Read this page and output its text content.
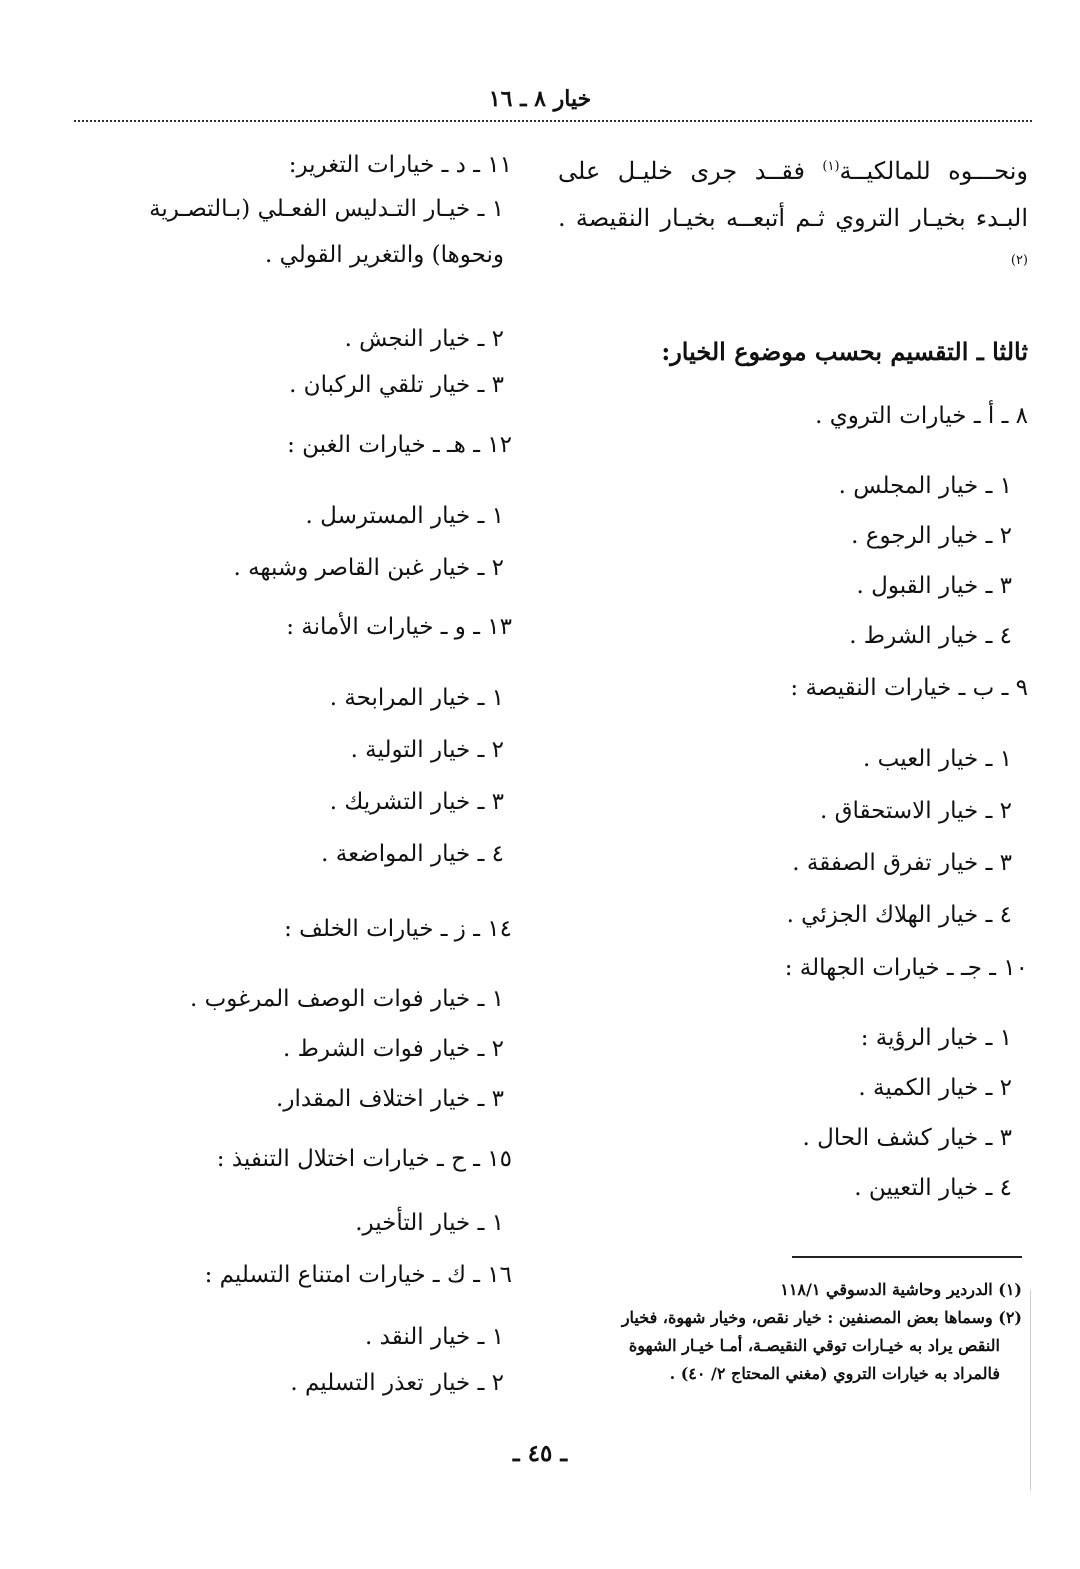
خيار ٨ ـ ١٦
ونحـــوه للمالكيــة$^{(١)}$ فقــد جرى خليـل على البـدء بخيـار التروي ثـم أتبعــه بخيـار النقيصة . $^{(٢)}$
ثالثا ـ التقسيم بحسب موضوع الخيار:
٨ ـ أ ـ خيارات التروي .
١ ـ خيار المجلس .
٢ ـ خيار الرجوع .
٣ ـ خيار القبول .
٤ ـ خيار الشرط .
٩ ـ ب ـ خيارات النقيصة :
١ ـ خيار العيب .
٢ ـ خيار الاستحقاق .
٣ ـ خيار تفرق الصفقة .
٤ ـ خيار الهلاك الجزئي .
١٠ ـ جـ ـ خيارات الجهالة :
١ ـ خيار الرؤية :
٢ ـ خيار الكمية .
٣ ـ خيار كشف الحال .
٤ ـ خيار التعيين .
١١ ـ د ـ خيارات التغرير:
١ ـ خيـار التـدليس الفعـلي (بـالتصـرية ونحوها) والتغرير القولي .
٢ ـ خيار النجش .
٣ ـ خيار تلقي الركبان .
١٢ ـ هـ ـ خيارات الغبن :
١ ـ خيار المسترسل .
٢ ـ خيار غبن القاصر وشبهه .
١٣ ـ و ـ خيارات الأمانة :
١ ـ خيار المرابحة .
٢ ـ خيار التولية .
٣ ـ خيار التشريك .
٤ ـ خيار المواضعة .
١٤ ـ ز ـ خيارات الخلف :
١ ـ خيار فوات الوصف المرغوب .
٢ ـ خيار فوات الشرط .
٣ ـ خيار اختلاف المقدار.
١٥ ـ ح ـ خيارات اختلال التنفيذ :
١ ـ خيار التأخير.
١٦ ـ ك ـ خيارات امتناع التسليم :
١ ـ خيار النقد .
٢ ـ خيار تعذر التسليم .
(١) الدردير وحاشية الدسوقي ١١٨/١
(٢) وسماها بعض المصنفين : خيار نقص، وخيار شهوة، فخيار
النقص يراد به خيـارات توقي النقيصـة، أمـا خيـار الشهوة
فالمراد به خيارات التروي (مغني المحتاج ٢/ ٤٠) .
ـ ٤٥ ـ
